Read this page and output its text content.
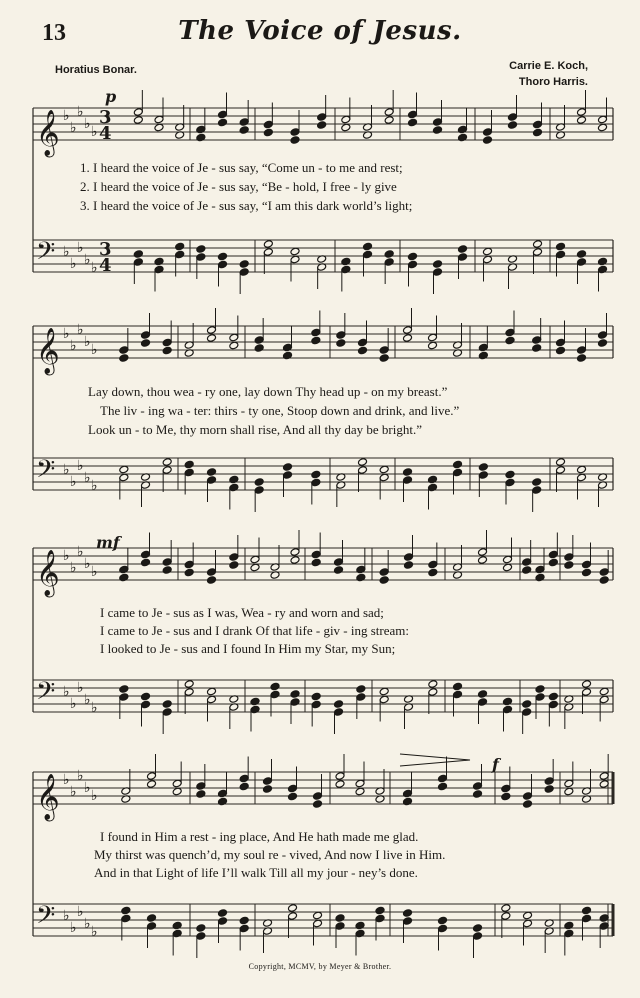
13	The Voice of Jesus.
Horatius Bonar.	Carrie E. Koch,
Thoro Harris.
𝄞 ♭
♭
♭
♭ ♭
3
4
𝄢 ♭
♭
♭
♭ ♭
3
4
𝄞 ♭
♭
♭
♭ ♭
𝄢 ♭
♭
♭
♭ ♭
𝄞 ♭
♭
♭
♭ ♭
𝄢 ♭
♭
♭
♭ ♭
𝄞 ♭
♭
♭
♭ ♭
𝄢 ♭
♭
♭
♭ ♭
p
mf
f
1. I heard the voice of Je - sus say, “Come un - to me and rest;
2. I heard the voice of Je - sus say, “Be - hold, I free - ly give
3. I heard the voice of Je - sus say, “I am this dark world’s light;
Lay down, thou wea - ry one, lay down Thy head up - on my breast.”
The liv - ing wa - ter: thirs - ty one, Stoop down and drink, and live.”
Look un - to Me, thy morn shall rise, And all thy day be bright.”
I came to Je - sus as I was, Wea - ry and worn and sad;
I came to Je - sus and I drank Of that life - giv - ing stream:
I looked to Je - sus and I found In Him my Star, my Sun;
I found in Him a rest - ing place, And He hath made me glad.
My thirst was quench’d, my soul re - vived, And now I live in Him.
And in that Light of life I’ll walk Till all my jour - ney’s done.
Copyright, MCMV, by Meyer & Brother.
